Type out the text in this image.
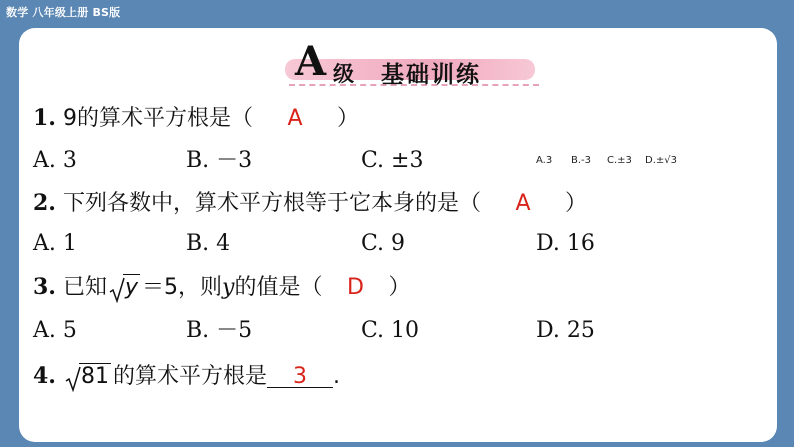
数学 八年级上册 BS版
A 级 基础训练
1. 9的算术平方根是（ A ）
A. 3	B. －3	C. ±3	A.3 B.-3 C.±3 D.±√3
2. 下列各数中，算术平方根等于它本身的是（ A ）
A. 1	B. 4	C. 9	D. 16
3. 已知 y ＝5，则y的值是（ D ）
A. 5	B. －5	C. 10	D. 25
4. 81 的算术平方根是 3 .
